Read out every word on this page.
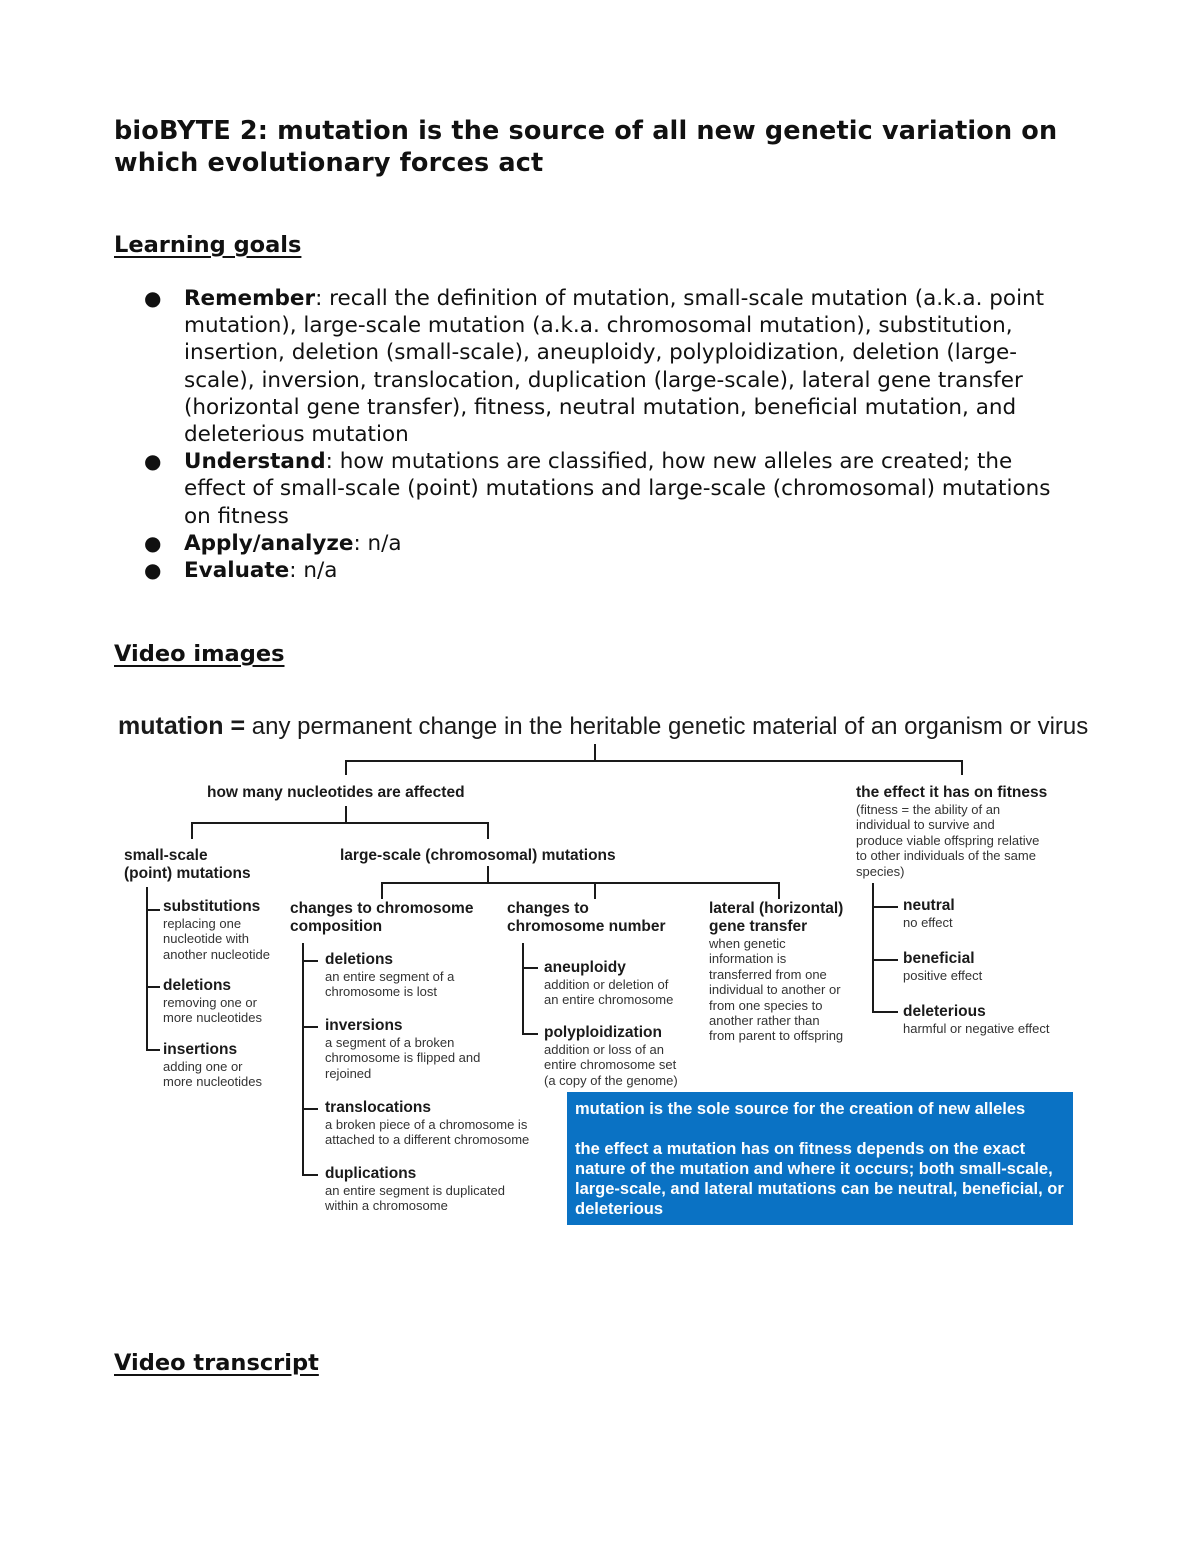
bioBYTE 2: mutation is the source of all new genetic variation on which evolutionary forces act
Learning goals
● Remember: recall the definition of mutation, small-scale mutation (a.k.a. point mutation), large-scale mutation (a.k.a. chromosomal mutation), substitution, insertion, deletion (small-scale), aneuploidy, polyploidization, deletion (large-scale), inversion, translocation, duplication (large-scale), lateral gene transfer (horizontal gene transfer), fitness, neutral mutation, beneficial mutation, and deleterious mutation
● Understand: how mutations are classified, how new alleles are created; the effect of small-scale (point) mutations and large-scale (chromosomal) mutations on fitness
● Apply/analyze: n/a
● Evaluate: n/a
Video images
mutation = any permanent change in the heritable genetic material of an organism or virus
how many nucleotides are affected
small-scale
(point) mutations
large-scale (chromosomal) mutations
substitutions
replacing one
nucleotide with
another nucleotide
deletions
removing one or
more nucleotides
insertions
adding one or
more nucleotides
changes to chromosome
composition
deletions
an entire segment of a
chromosome is lost
inversions
a segment of a broken
chromosome is flipped and
rejoined
translocations
a broken piece of a chromosome is
attached to a different chromosome
duplications
an entire segment is duplicated
within a chromosome
changes to
chromosome number
aneuploidy
addition or deletion of
an entire chromosome
polyploidization
addition or loss of an
entire chromosome set
(a copy of the genome)
lateral (horizontal)
gene transfer
when genetic
information is
transferred from one
individual to another or
from one species to
another rather than
from parent to offspring
the effect it has on fitness
(fitness = the ability of an
individual to survive and
produce viable offspring relative
to other individuals of the same
species)
neutral
no effect
beneficial
positive effect
deleterious
harmful or negative effect

mutation is the sole source for the creation of new alleles

the effect a mutation has on fitness depends on the exact nature of the mutation and where it occurs; both small-scale, large-scale, and lateral mutations can be neutral, beneficial, or deleterious

Video transcript
